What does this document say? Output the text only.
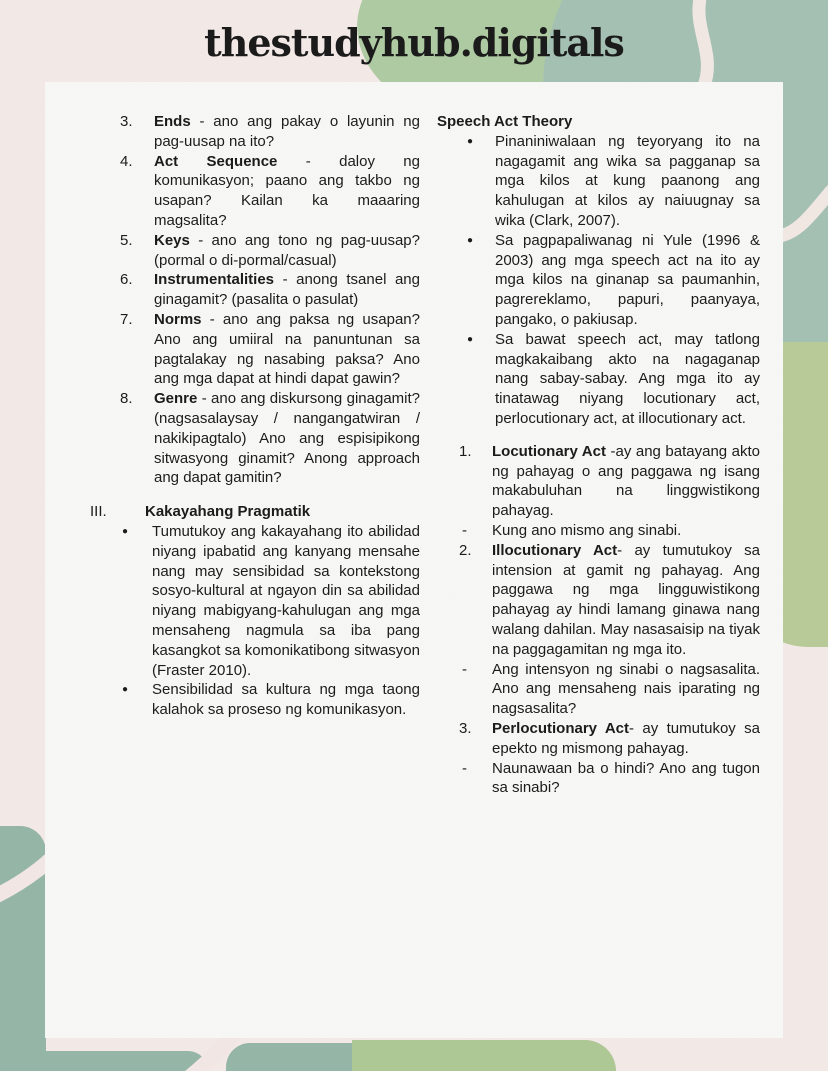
thestudyhub.digitals
3.	Ends - ano ang pakay o layunin ng pag-uusap na ito?
4.	Act Sequence - daloy ng komunikasyon; paano ang takbo ng usapan? Kailan ka maaaring magsalita?
5.	Keys - ano ang tono ng pag-uusap? (pormal o di-pormal/casual)
6.	Instrumentalities - anong tsanel ang ginagamit? (pasalita o pasulat)
7.	Norms - ano ang paksa ng usapan? Ano ang umiiral na panuntunan sa pagtalakay ng nasabing paksa? Ano ang mga dapat at hindi dapat gawin?
8.	Genre - ano ang diskursong ginagamit? (nagsasalaysay / nangangatwiran / nakikipagtalo) Ano ang espisipikong sitwasyong ginamit? Anong approach ang dapat gamitin?
III.	Kakayahang Pragmatik
●	Tumutukoy ang kakayahang ito abilidad niyang ipabatid ang kanyang mensahe nang may sensibidad sa kontekstong sosyo-kultural at ngayon din sa abilidad niyang mabigyang-kahulugan ang mga mensaheng nagmula sa iba pang kasangkot sa komonikatibong sitwasyon (Fraster 2010).
●	Sensibilidad sa kultura ng mga taong kalahok sa proseso ng komunikasyon.
Speech Act Theory
●	Pinaniniwalaan ng teyoryang ito na nagagamit ang wika sa pagganap sa mga kilos at kung paanong ang kahulugan at kilos ay naiuugnay sa wika (Clark, 2007).
●	Sa pagpapaliwanag ni Yule (1996 & 2003) ang mga speech act na ito ay mga kilos na ginanap sa paumanhin, pagrereklamo, papuri, paanyaya, pangako, o pakiusap.
●	Sa bawat speech act, may tatlong magkakaibang akto na nagaganap nang sabay-sabay. Ang mga ito ay tinatawag niyang locutionary act, perlocutionary act, at illocutionary act.
1.	Locutionary Act -ay ang batayang akto ng pahayag o ang paggawa ng isang makabuluhan na linggwistikong pahayag.
-	Kung ano mismo ang sinabi.
2.	Illocutionary Act- ay tumutukoy sa intension at gamit ng pahayag. Ang paggawa ng mga lingguwistikong pahayag ay hindi lamang ginawa nang walang dahilan. May nasasaisip na tiyak na paggagamitan ng mga ito.
-	Ang intensyon ng sinabi o nagsasalita. Ano ang mensaheng nais iparating ng nagsasalita?
3.	Perlocutionary Act- ay tumutukoy sa epekto ng mismong pahayag.
-	Naunawaan ba o hindi? Ano ang tugon sa sinabi?
